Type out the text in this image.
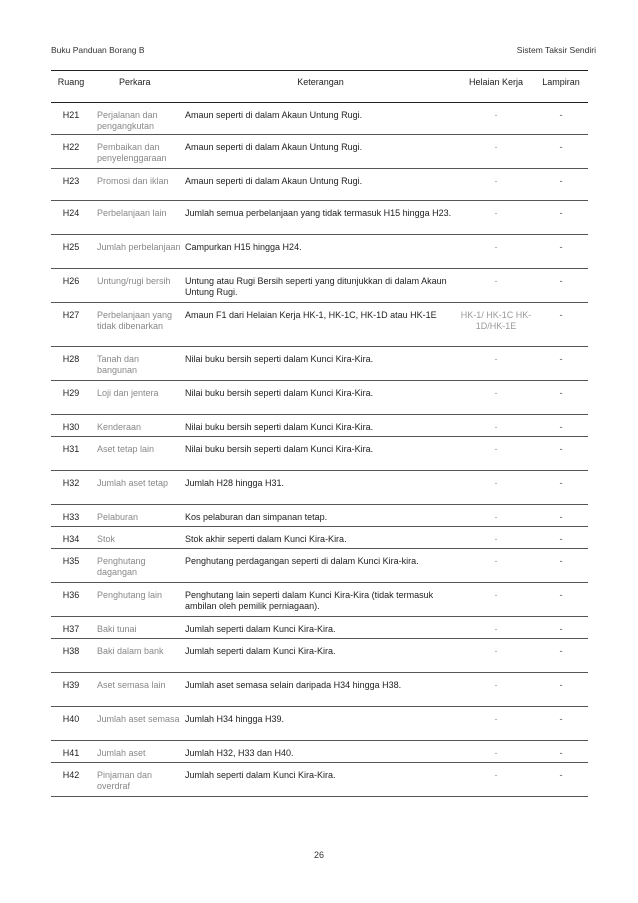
Buku Panduan Borang B	Sistem Taksir Sendiri
Ruang	Perkara	Keterangan	Helaian Kerja	Lampiran
H21	Perjalanan dan pengangkutan	Amaun seperti di dalam Akaun Untung Rugi.	-	-
H22	Pembaikan dan penyelenggaraan	Amaun seperti di dalam Akaun Untung Rugi.	-	-
H23	Promosi dan iklan	Amaun seperti di dalam Akaun Untung Rugi.	-	-
H24	Perbelanjaan lain	Jumlah semua perbelanjaan yang tidak termasuk H15 hingga H23.	-	-
H25	Jumlah perbelanjaan	Campurkan H15 hingga H24.	-	-
H26	Untung/rugi bersih	Untung atau Rugi Bersih seperti yang ditunjukkan di dalam Akaun Untung Rugi.	-	-
H27	Perbelanjaan yang tidak dibenarkan	Amaun F1 dari Helaian Kerja HK-1, HK-1C, HK-1D atau HK-1E	HK-1/ HK-1C HK-1D/HK-1E	-
H28	Tanah dan bangunan	Nilai buku bersih seperti dalam Kunci Kira-Kira.	-	-
H29	Loji dan jentera	Nilai buku bersih seperti dalam Kunci Kira-Kira.	-	-
H30	Kenderaan	Nilai buku bersih seperti dalam Kunci Kira-Kira.	-	-
H31	Aset tetap lain	Nilai buku bersih seperti dalam Kunci Kira-Kira.	-	-
H32	Jumlah aset tetap	Jumlah H28 hingga H31.	-	-
H33	Pelaburan	Kos pelaburan dan simpanan tetap.	-	-
H34	Stok	Stok akhir seperti dalam Kunci Kira-Kira.	-	-
H35	Penghutang dagangan	Penghutang perdagangan seperti di dalam Kunci Kira-kira.	-	-
H36	Penghutang lain	Penghutang lain seperti dalam Kunci Kira-Kira (tidak termasuk ambilan oleh pemilik perniagaan).	-	-
H37	Baki tunai	Jumlah seperti dalam Kunci Kira-Kira.	-	-
H38	Baki dalam bank	Jumlah seperti dalam Kunci Kira-Kira.	-	-
H39	Aset semasa lain	Jumlah aset semasa selain daripada H34 hingga H38.	-	-
H40	Jumlah aset semasa	Jumlah H34 hingga H39.	-	-
H41	Jumlah aset	Jumlah H32, H33 dan H40.	-	-
H42	Pinjaman dan overdraf	Jumlah seperti dalam Kunci Kira-Kira.	-	-
26
